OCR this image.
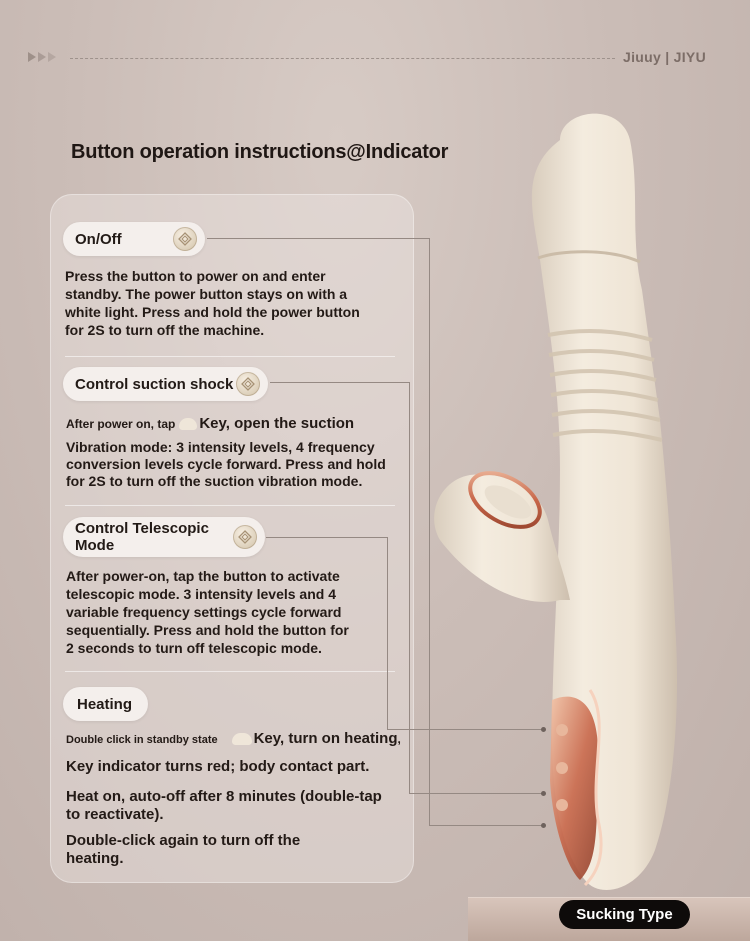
Jiuuy | JIYU
Button operation instructions@Indicator
On/Off
Press the button to power on and enter
standby. The power button stays on with a
white light. Press and hold the power button
for 2S to turn off the machine.
Control suction shock
After power on, tap Key, open the suction
Vibration mode: 3 intensity levels, 4 frequency
conversion levels cycle forward. Press and hold
for 2S to turn off the suction vibration mode.
Control Telescopic
Mode
After power-on, tap the button to activate
telescopic mode. 3 intensity levels and 4
variable frequency settings cycle forward
sequentially. Press and hold the button for
2 seconds to turn off telescopic mode.
Heating
Double click in standby state Key, turn on heating,
Key indicator turns red; body contact part.
Heat on, auto-off after 8 minutes (double-tap
to reactivate).
Double-click again to turn off the
heating.
Sucking Type
